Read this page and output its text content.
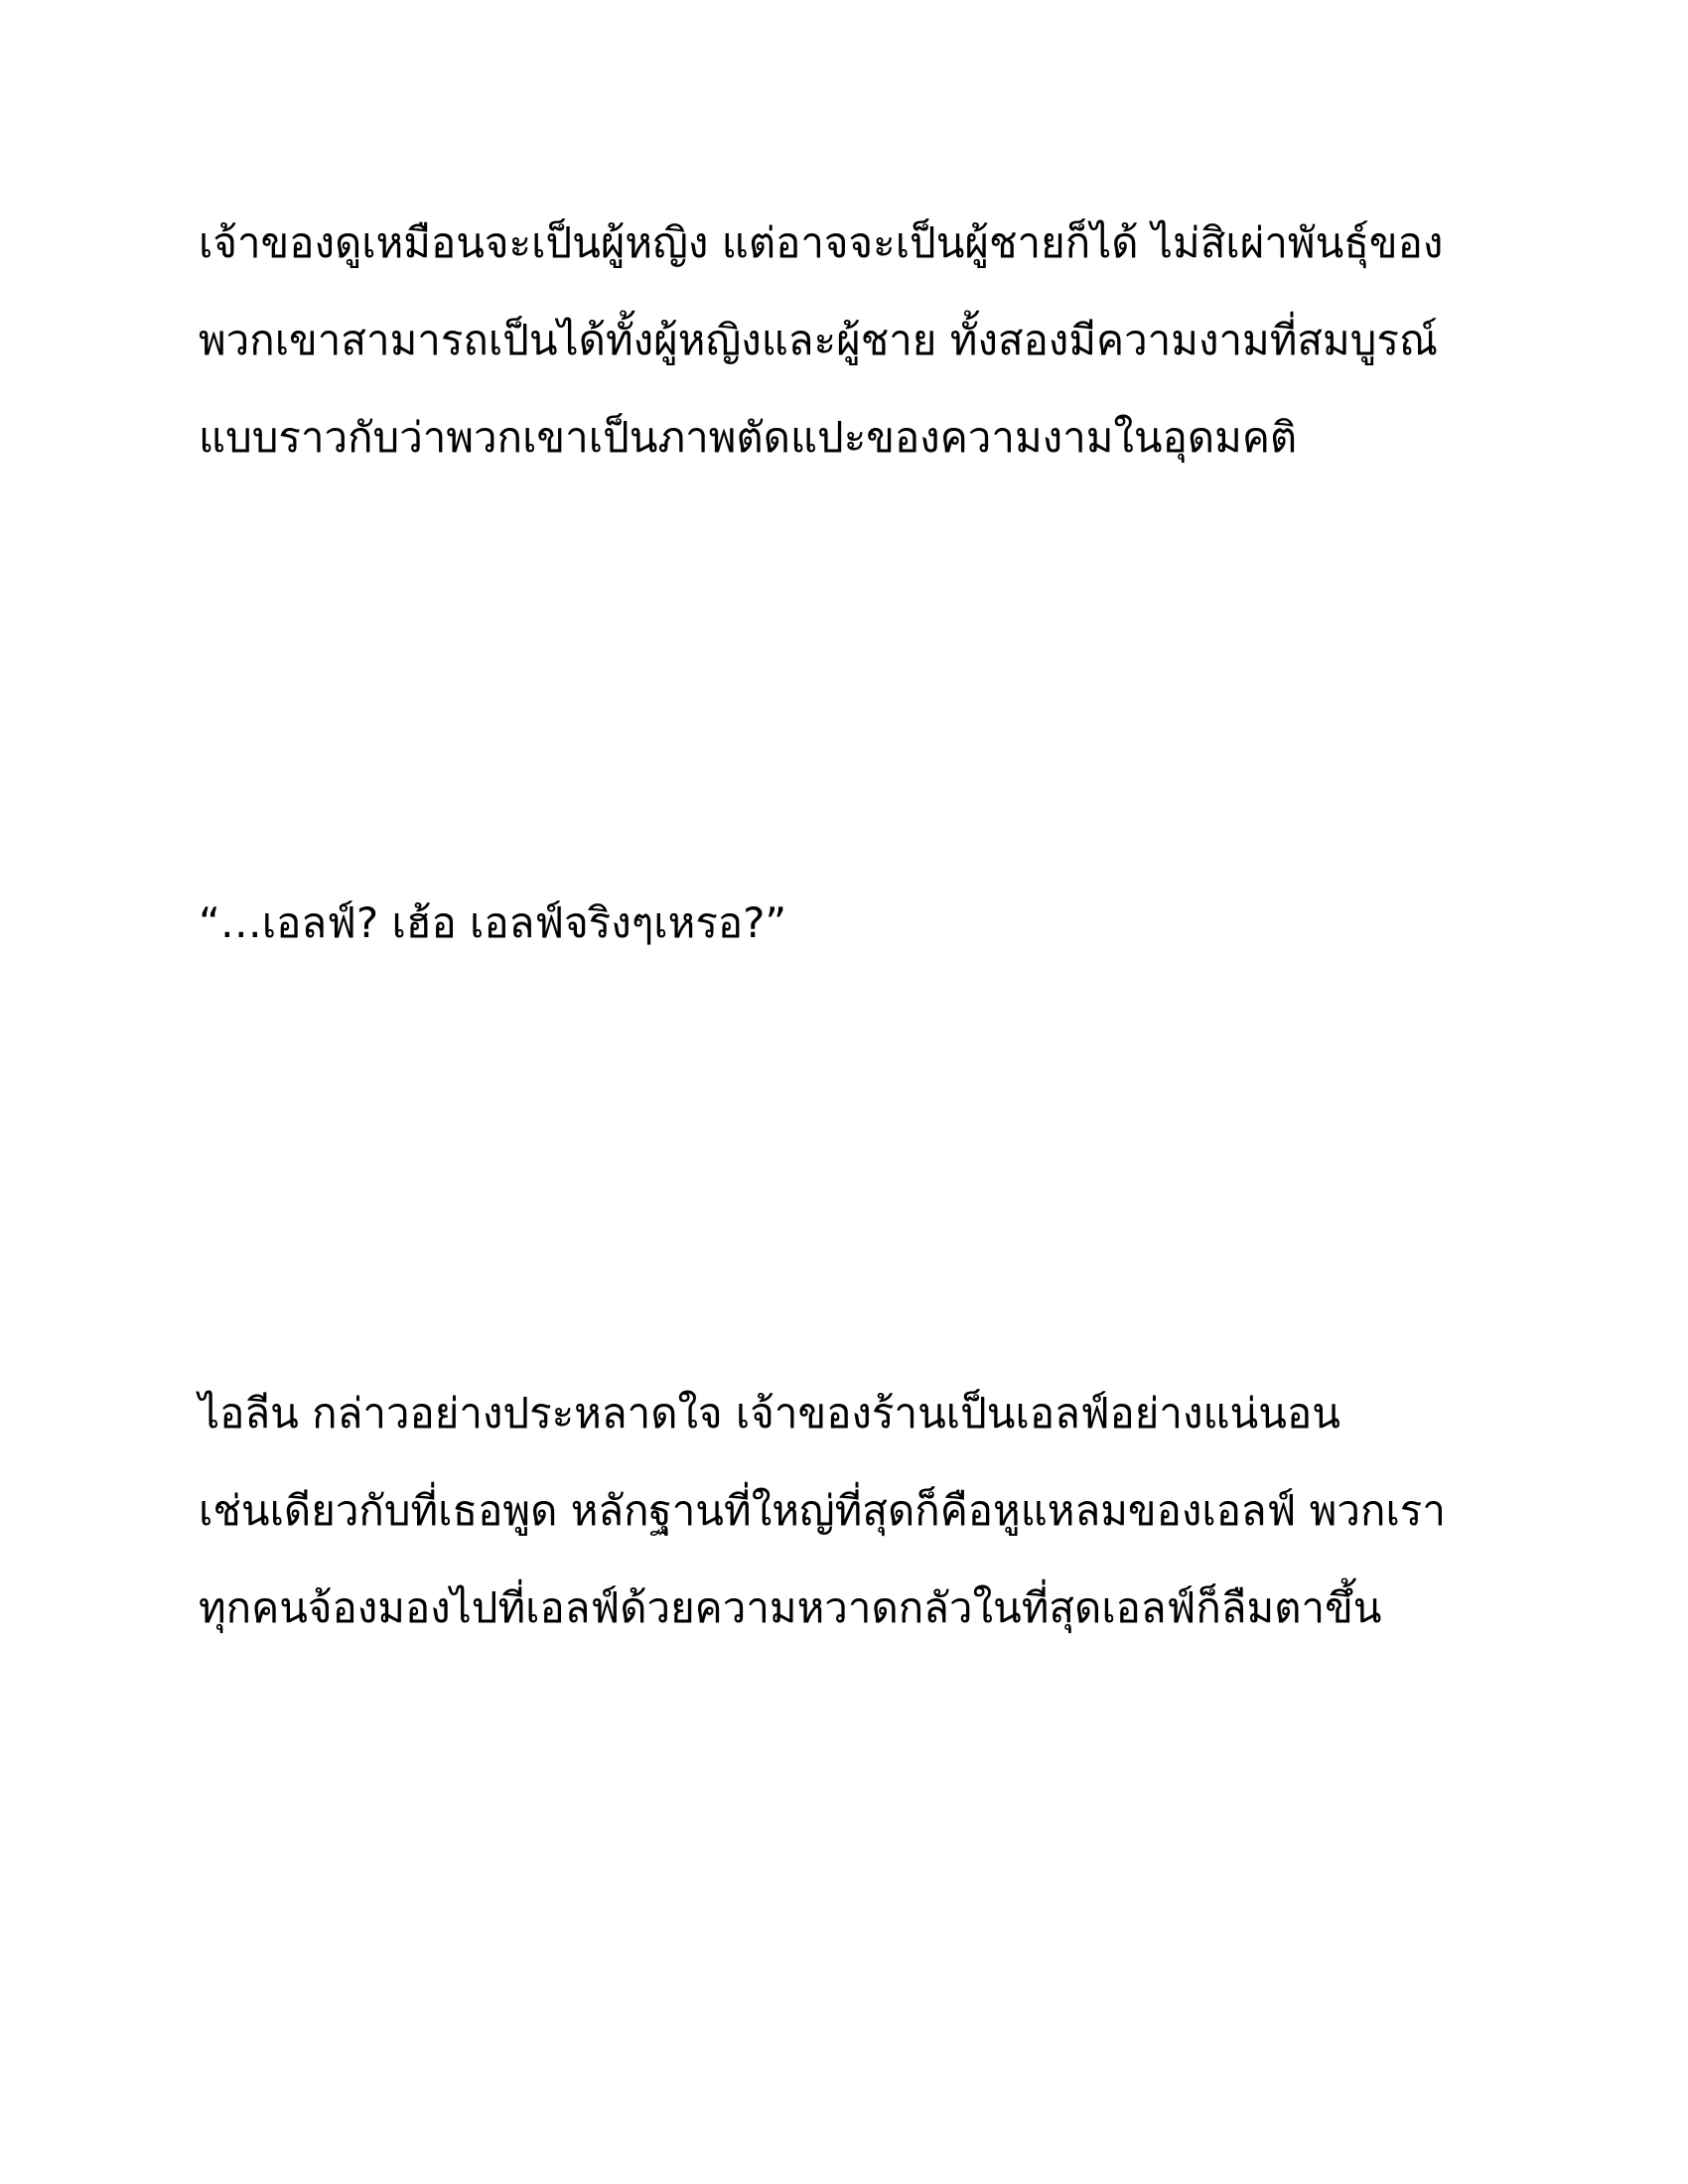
เจ้าของดูเหมือนจะเป็นผู้หญิง แต่อาจจะเป็นผู้ชายก็ได้ ไม่สิเผ่าพันธุ์ของ
พวกเขาสามารถเป็นได้ทั้งผู้หญิงและผู้ชาย ทั้งสองมีความงามที่สมบูรณ์
แบบราวกับว่าพวกเขาเป็นภาพตัดแปะของความงามในอุดมคติ

“…เอลฟ์? เฮ้อ เอลฟ์จริงๆเหรอ?”

ไอลีน กล่าวอย่างประหลาดใจ เจ้าของร้านเป็นเอลฟ์อย่างแน่นอน
เช่นเดียวกับที่เธอพูด หลักฐานที่ใหญ่ที่สุดก็คือหูแหลมของเอลฟ์ พวกเรา
ทุกคนจ้องมองไปที่เอลฟ์ด้วยความหวาดกลัวในที่สุดเอลฟ์ก็ลืมตาขึ้น
